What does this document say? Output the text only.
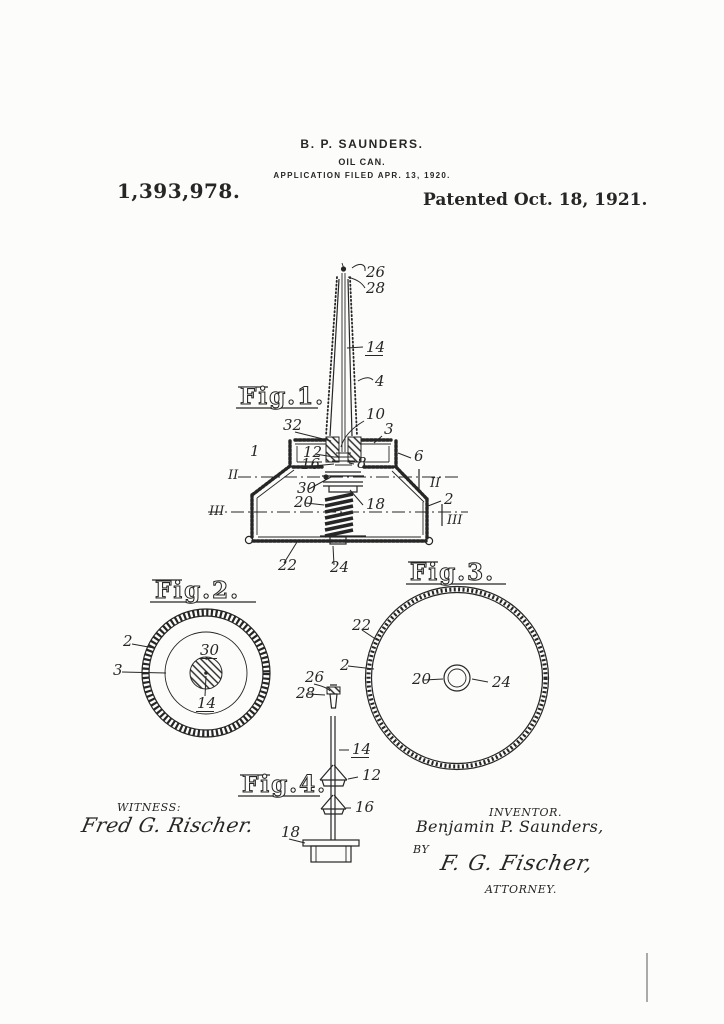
B. P. SAUNDERS.
OIL CAN.
APPLICATION FILED APR. 13, 1920.
1,393,978.	Patented Oct. 18, 1921.
Fig.1.
26
28
14
4
32
10
3
1	12
16 8	6
II
II
30
20	18	2
III
III
22 24
Fig.2.
2
3
30
14
Fig.3.
22
2
20	24
Fig.4.
26
28
14
12
16
18
WITNESS:
Fred G. Rischer.
INVENTOR.
Benjamin P. Saunders,
BY
F. G. Fischer,
ATTORNEY.
